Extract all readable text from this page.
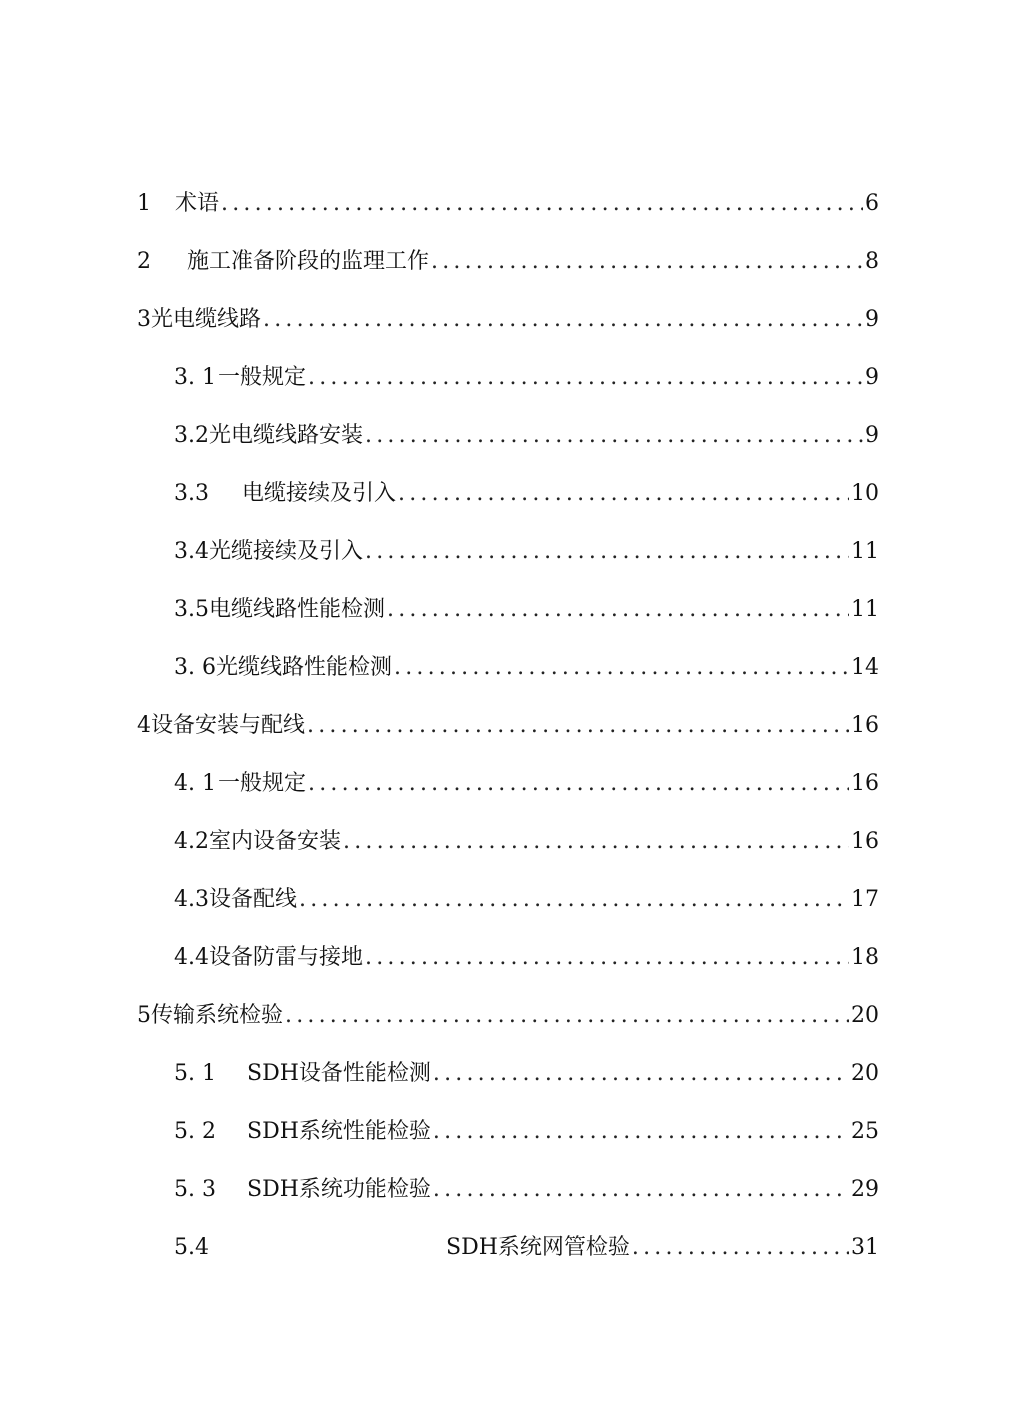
1	术语 .....	6
2	施工准备阶段的监理工作 .....	8
3 光电缆线路 .....	9
3. 1 一般规定 .....	9
3.2 光电缆线路安装 .....	9
3.3	电缆接续及引入 .....	10
3.4 光缆接续及引入 .....	11
3.5 电缆线路性能检测 .....	11
3. 6 光缆线路性能检测 .....	14
4 设备安装与配线 .....	16
4. 1 一般规定 .....	16
4.2 室内设备安装 .....	16
4.3 设备配线 .....	17
4.4 设备防雷与接地 .....	18
5 传输系统检验 .....	20
5. 1	SDH设备性能检测 .....	20
5. 2	SDH系统性能检验 .....	25
5. 3	SDH系统功能检验 .....	29
5.4	SDH系统网管检验 .....	31
